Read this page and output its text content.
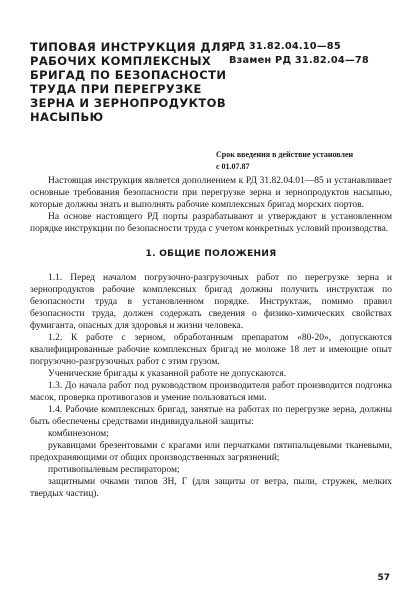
ТИПОВАЯ ИНСТРУКЦИЯ ДЛЯ
РАБОЧИХ КОМПЛЕКСНЫХ
БРИГАД ПО БЕЗОПАСНОСТИ
ТРУДА ПРИ ПЕРЕГРУЗКЕ
ЗЕРНА И ЗЕРНОПРОДУКТОВ
НАСЫПЬЮ
РД 31.82.04.10—85
Взамен РД 31.82.04—78
Срок введения в действие установлен
с 01.07.87

Настоящая инструкция является дополнением к РД 31.82.04.01—85 и устанавливает основные требования безопасности при перегрузке зерна и зернопродуктов насыпью, которые должны знать и выполнять рабочие комплексных бригад морских портов.

На основе настоящего РД порты разрабатывают и утверждают в установленном порядке инструкции по безопасности труда с учетом конкретных условий производства.

1. ОБЩИЕ ПОЛОЖЕНИЯ

1.1. Перед началом погрузочно-разгрузочных работ по перегрузке зерна и зернопродуктов рабочие комплексных бригад должны получить инструктаж по безопасности труда в установленном порядке. Инструктаж, помимо правил безопасности труда, должен содержать сведения о физико-химических свойствах фумиганта, опасных для здоровья и жизни человека.

1.2. К работе с зерном, обработанным препаратом «80-20», допускаются квалифицированные рабочие комплексных бригад не моложе 18 лет и имеющие опыт погрузочно-разгрузочных работ с этим грузом.

Ученические бригады к указанной работе не допускаются.

1.3. До начала работ под руководством производителя работ производится подгонка масок, проверка противогазов и умение пользоваться ими.

1.4. Рабочие комплексных бригад, занятые на работах по перегрузке зерна, должны быть обеспечены средствами индивидуальной защиты:

комбинезоном;

рукавицами брезентовыми с крагами или перчатками пятипальцевыми тканевыми, предохраняющими от общих производственных загрязнений;

противопылевым респиратором;

защитными очками типов ЗН, Г (для защиты от ветра, пыли, стружек, мелких твердых частиц).

57
